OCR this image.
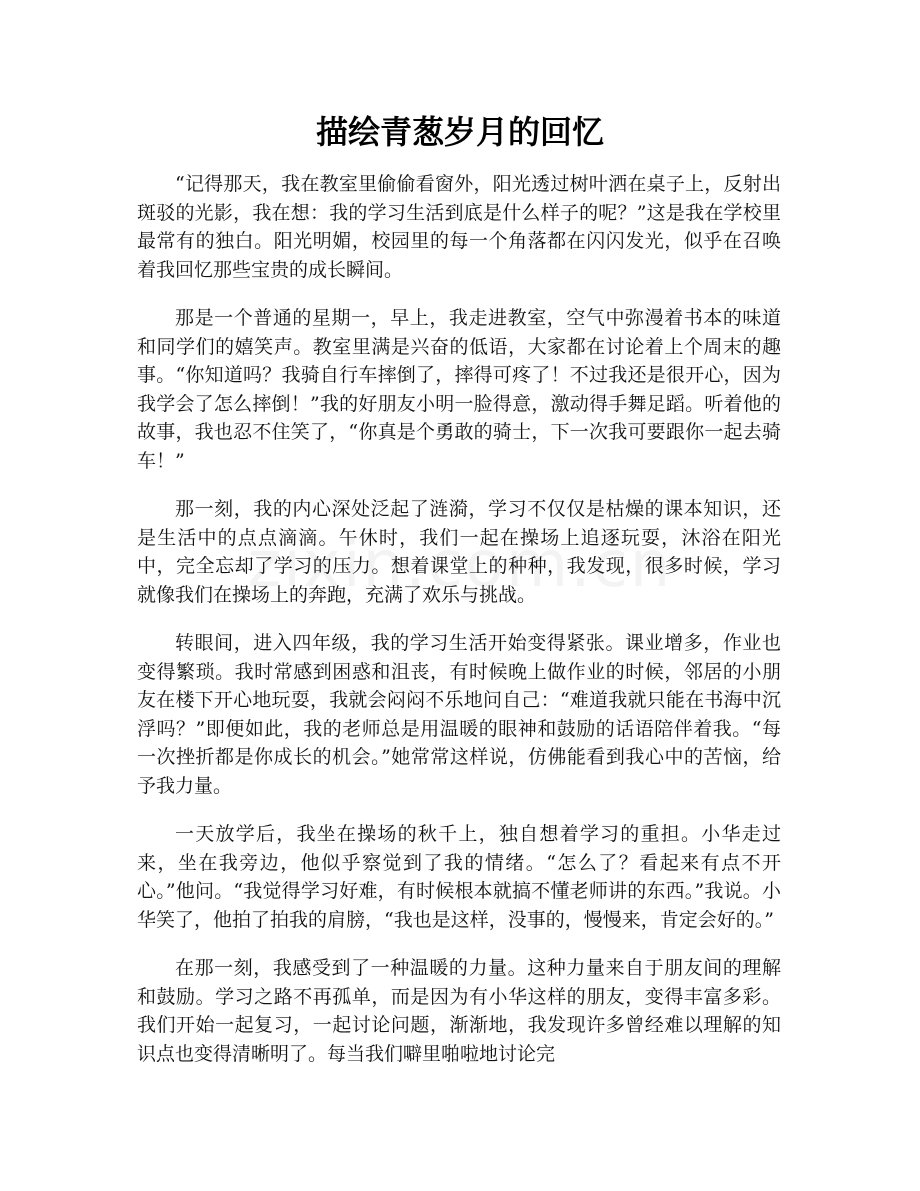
描绘青葱岁月的回忆

“记得那天，我在教室里偷偷看窗外，阳光透过树叶洒在桌子上，反射出斑驳的光影，我在想：我的学习生活到底是什么样子的呢？”这是我在学校里最常有的独白。阳光明媚，校园里的每一个角落都在闪闪发光，似乎在召唤着我回忆那些宝贵的成长瞬间。

那是一个普通的星期一，早上，我走进教室，空气中弥漫着书本的味道和同学们的嬉笑声。教室里满是兴奋的低语，大家都在讨论着上个周末的趣事。“你知道吗？我骑自行车摔倒了，摔得可疼了！不过我还是很开心，因为我学会了怎么摔倒！”我的好朋友小明一脸得意，激动得手舞足蹈。听着他的故事，我也忍不住笑了，“你真是个勇敢的骑士，下一次我可要跟你一起去骑车！”

那一刻，我的内心深处泛起了涟漪，学习不仅仅是枯燥的课本知识，还是生活中的点点滴滴。午休时，我们一起在操场上追逐玩耍，沐浴在阳光中，完全忘却了学习的压力。想着课堂上的种种，我发现，很多时候，学习就像我们在操场上的奔跑，充满了欢乐与挑战。

转眼间，进入四年级，我的学习生活开始变得紧张。课业增多，作业也变得繁琐。我时常感到困惑和沮丧，有时候晚上做作业的时候，邻居的小朋友在楼下开心地玩耍，我就会闷闷不乐地问自己：“难道我就只能在书海中沉浮吗？”即便如此，我的老师总是用温暖的眼神和鼓励的话语陪伴着我。“每一次挫折都是你成长的机会。”她常常这样说，仿佛能看到我心中的苦恼，给予我力量。

一天放学后，我坐在操场的秋千上，独自想着学习的重担。小华走过来，坐在我旁边，他似乎察觉到了我的情绪。“怎么了？看起来有点不开心。”他问。“我觉得学习好难，有时候根本就搞不懂老师讲的东西。”我说。小华笑了，他拍了拍我的肩膀，“我也是这样，没事的，慢慢来，肯定会好的。”

在那一刻，我感受到了一种温暖的力量。这种力量来自于朋友间的理解和鼓励。学习之路不再孤单，而是因为有小华这样的朋友，变得丰富多彩。我们开始一起复习，一起讨论问题，渐渐地，我发现许多曾经难以理解的知识点也变得清晰明了。每当我们噼里啪啦地讨论完
